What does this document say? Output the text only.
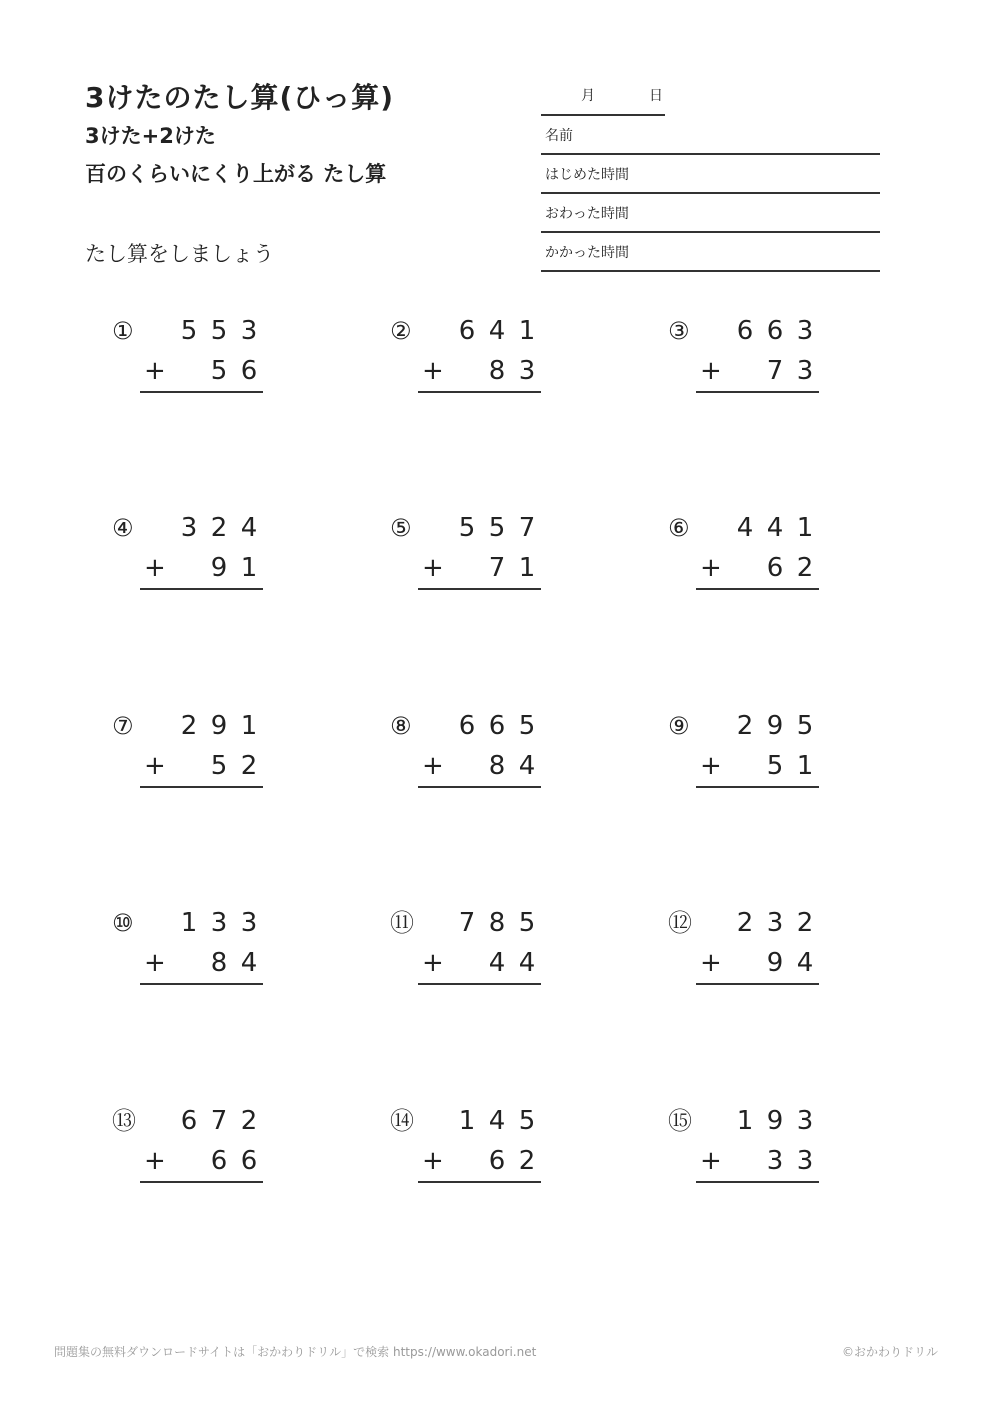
3けたのたし算(ひっ算)
3けた+2けた
百のくらいにくり上がる たし算
たし算をしましょう
月	日
名前
はじめた時間
おわった時間
かかった時間
① 5 5 3
+ 5 6
② 6 4 1
+ 8 3
③ 6 6 3
+ 7 3
④ 3 2 4
+ 9 1
⑤ 5 5 7
+ 7 1
⑥ 4 4 1
+ 6 2
⑦ 2 9 1
+ 5 2
⑧ 6 6 5
+ 8 4
⑨ 2 9 5
+ 5 1
⑩ 1 3 3
+ 8 4
⑪ 7 8 5
+ 4 4
⑫ 2 3 2
+ 9 4
⑬ 6 7 2
+ 6 6
⑭ 1 4 5
+ 6 2
⑮ 1 9 3
+ 3 3
問題集の無料ダウンロードサイトは「おかわりドリル」で検索 https://www.okadori.net	©おかわりドリル
